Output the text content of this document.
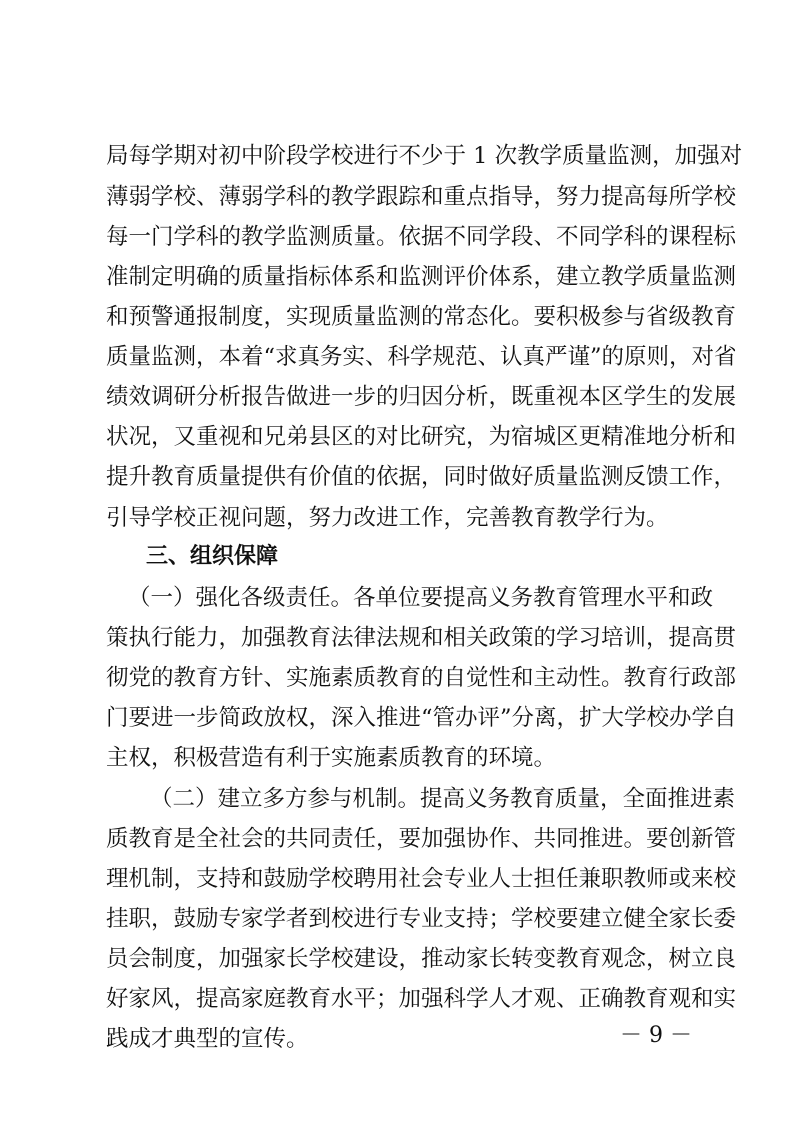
局每学期对初中阶段学校进行不少于 1 次教学质量监测，加强对
薄弱学校、薄弱学科的教学跟踪和重点指导，努力提高每所学校
每一门学科的教学监测质量。依据不同学段、不同学科的课程标
准制定明确的质量指标体系和监测评价体系，建立教学质量监测
和预警通报制度，实现质量监测的常态化。要积极参与省级教育
质量监测，本着“求真务实、科学规范、认真严谨”的原则，对省
绩效调研分析报告做进一步的归因分析，既重视本区学生的发展
状况，又重视和兄弟县区的对比研究，为宿城区更精准地分析和
提升教育质量提供有价值的依据，同时做好质量监测反馈工作，
引导学校正视问题，努力改进工作，完善教育教学行为。
三、组织保障
（一）强化各级责任。各单位要提高义务教育管理水平和政
策执行能力，加强教育法律法规和相关政策的学习培训，提高贯
彻党的教育方针、实施素质教育的自觉性和主动性。教育行政部
门要进一步简政放权，深入推进“管办评”分离，扩大学校办学自
主权，积极营造有利于实施素质教育的环境。
（二）建立多方参与机制。提高义务教育质量，全面推进素
质教育是全社会的共同责任，要加强协作、共同推进。要创新管
理机制，支持和鼓励学校聘用社会专业人士担任兼职教师或来校
挂职，鼓励专家学者到校进行专业支持；学校要建立健全家长委
员会制度，加强家长学校建设，推动家长转变教育观念，树立良
好家风，提高家庭教育水平；加强科学人才观、正确教育观和实
践成才典型的宣传。	－ 9 －
